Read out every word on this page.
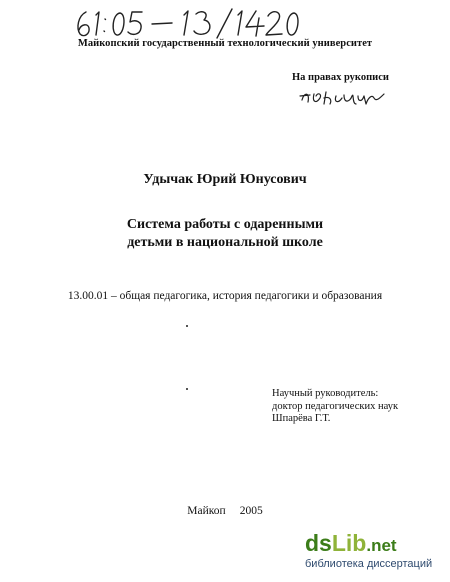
Майкопский государственный технологический университет
На правах рукописи
Удычак Юрий Юнусович
Система работы с одаренными
детьми в национальной школе
13.00.01 – общая педагогика, история педагогики и образования
Научный руководитель:
доктор педагогических наук
Шпарёва Г.Т.
Майкоп 2005
dsLib.net
библиотека диссертаций
